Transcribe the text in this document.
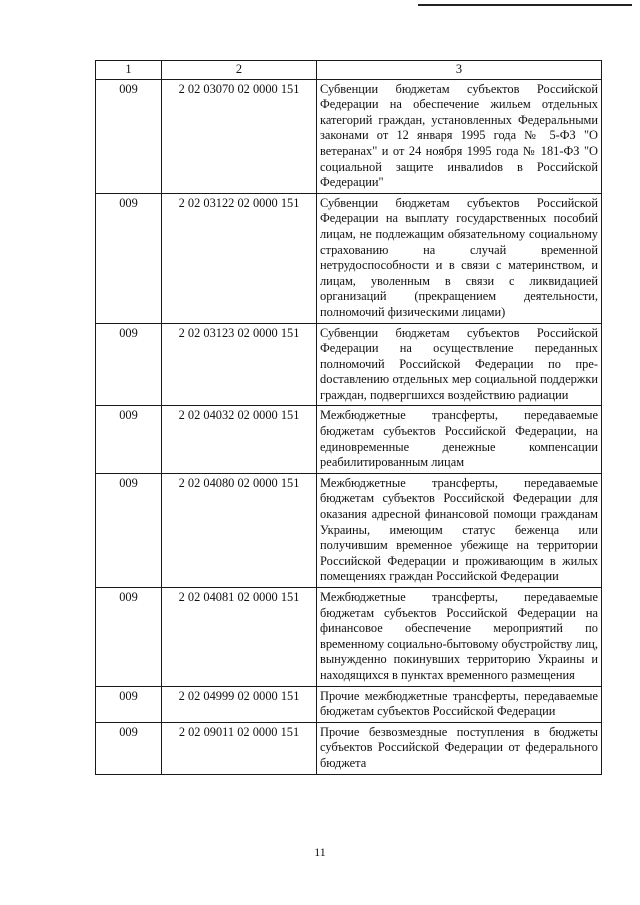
1	2	3
009	2 02 03070 02 0000 151	Субвенции бюджетам субъектов Российской Федерации на обеспечение жильем отдельных категорий граждан, установленных Федеральными законами от 12 января 1995 года № 5-ФЗ "О ветеранах" и от 24 ноября 1995 года № 181-ФЗ "О социальной защите инвалиdов в Российской Федерации"
009	2 02 03122 02 0000 151	Субвенции бюджетам субъектов Российской Федерации на выплату государственных пособий лицам, не подлежащим обязательному социальному страхованию на случай временной нетрудоспособности и в связи с материнством, и лицам, уволенным в связи с ликвидацией организаций (прекращением деятельности, полномочий физическими лицами)
009	2 02 03123 02 0000 151	Субвенции бюджетам субъектов Российской Федерации на осуществление переданных полномочий Российской Федерации по преdоставлению отдельных мер социальной поддержки граждан, подвергшихся воздействию радиации
009	2 02 04032 02 0000 151	Межбюджетные трансферты, передаваемые бюджетам субъектов Российской Федерации, на единовременные денежные компенсации реабилитированным лицам
009	2 02 04080 02 0000 151	Межбюджетные трансферты, передаваемые бюджетам субъектов Российской Федерации для оказания адресной финансовой помощи гражданам Украины, имеющим статус беженца или получившим временное убежище на территории Российской Федерации и проживающим в жилых помещениях граждан Российской Федерации
009	2 02 04081 02 0000 151	Межбюджетные трансферты, передаваемые бюджетам субъектов Российской Федерации на финансовое обеспечение мероприятий по временному социально-бытовому обустройству лиц, вынужденно покинувших территорию Украины и находящихся в пунктах временного размещения
009	2 02 04999 02 0000 151	Прочие межбюджетные трансферты, передаваемые бюджетам субъектов Российской Федерации
009	2 02 09011 02 0000 151	Прочие безвозмездные поступления в бюджеты субъектов Российской Федерации от федерального бюджета
11
